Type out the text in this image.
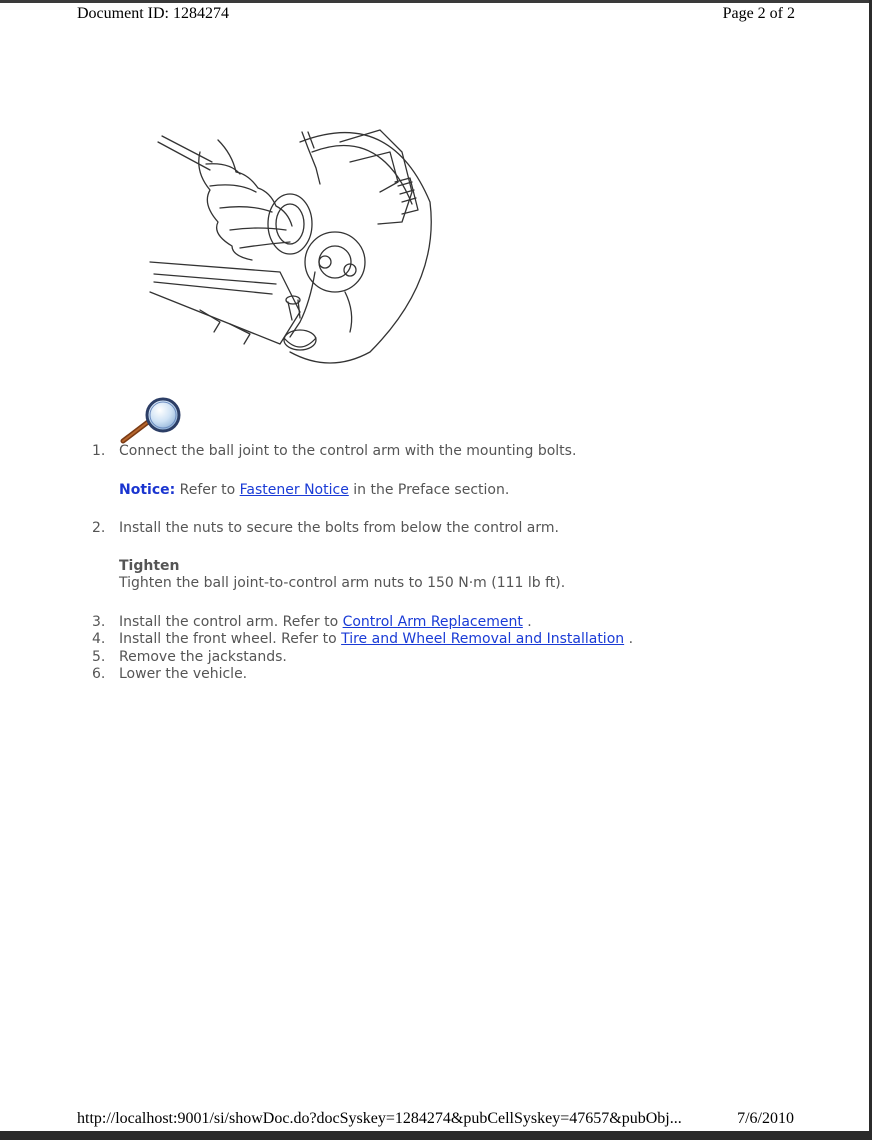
Document ID: 1284274	Page 2 of 2
1. Connect the ball joint to the control arm with the mounting bolts.
Notice: Refer to Fastener Notice in the Preface section.
2. Install the nuts to secure the bolts from below the control arm.
Tighten
Tighten the ball joint-to-control arm nuts to 150 N·m (111 lb ft).
3. Install the control arm. Refer to Control Arm Replacement .
4. Install the front wheel. Refer to Tire and Wheel Removal and Installation .
5. Remove the jackstands.
6. Lower the vehicle.
http://localhost:9001/si/showDoc.do?docSyskey=1284274&pubCellSyskey=47657&pubObj...	7/6/2010
